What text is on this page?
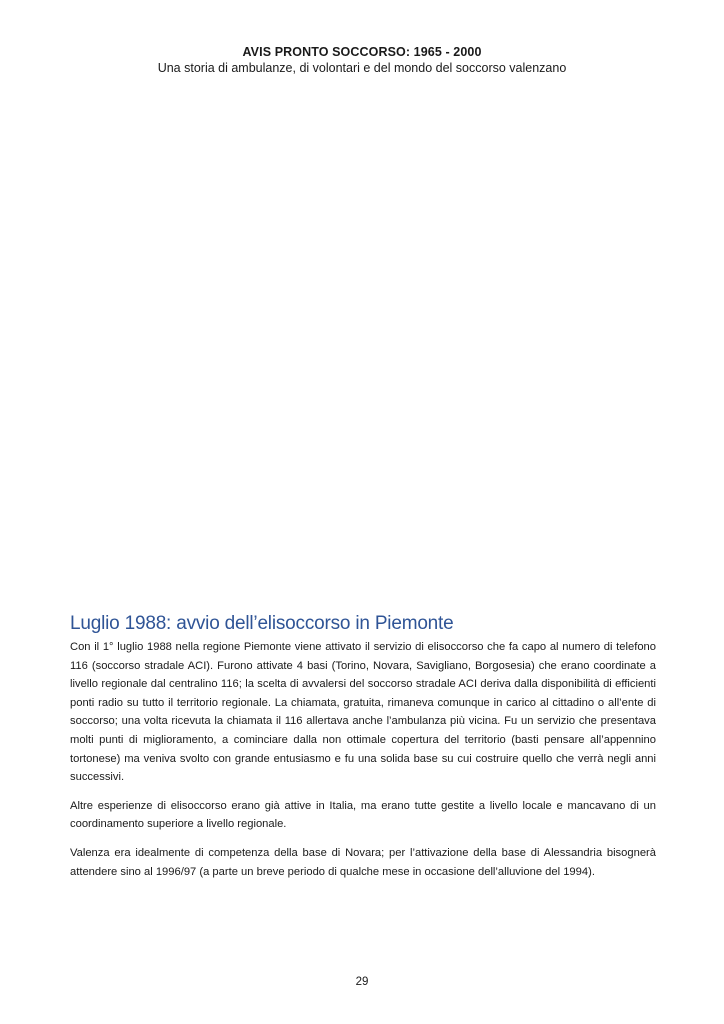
AVIS PRONTO SOCCORSO: 1965 - 2000
Una storia di ambulanze, di volontari e del mondo del soccorso valenzano
Luglio 1988: avvio dell’elisoccorso in Piemonte

Con il 1° luglio 1988 nella regione Piemonte viene attivato il servizio di elisoccorso che fa capo al numero di telefono 116 (soccorso stradale ACI). Furono attivate 4 basi (Torino, Novara, Savigliano, Borgosesia) che erano coordinate a livello regionale dal centralino 116; la scelta di avvalersi del soccorso stradale ACI deriva dalla disponibilità di efficienti ponti radio su tutto il territorio regionale. La chiamata, gratuita, rimaneva comunque in carico al cittadino o all’ente di soccorso; una volta ricevuta la chiamata il 116 allertava anche l’ambulanza più vicina. Fu un servizio che presentava molti punti di miglioramento, a cominciare dalla non ottimale copertura del territorio (basti pensare all’appennino tortonese) ma veniva svolto con grande entusiasmo e fu una solida base su cui costruire quello che verrà negli anni successivi.

Altre esperienze di elisoccorso erano già attive in Italia, ma erano tutte gestite a livello locale e mancavano di un coordinamento superiore a livello regionale.

Valenza era idealmente di competenza della base di Novara; per l’attivazione della base di Alessandria bisognerà attendere sino al 1996/97 (a parte un breve periodo di qualche mese in occasione dell’alluvione del 1994).

29
